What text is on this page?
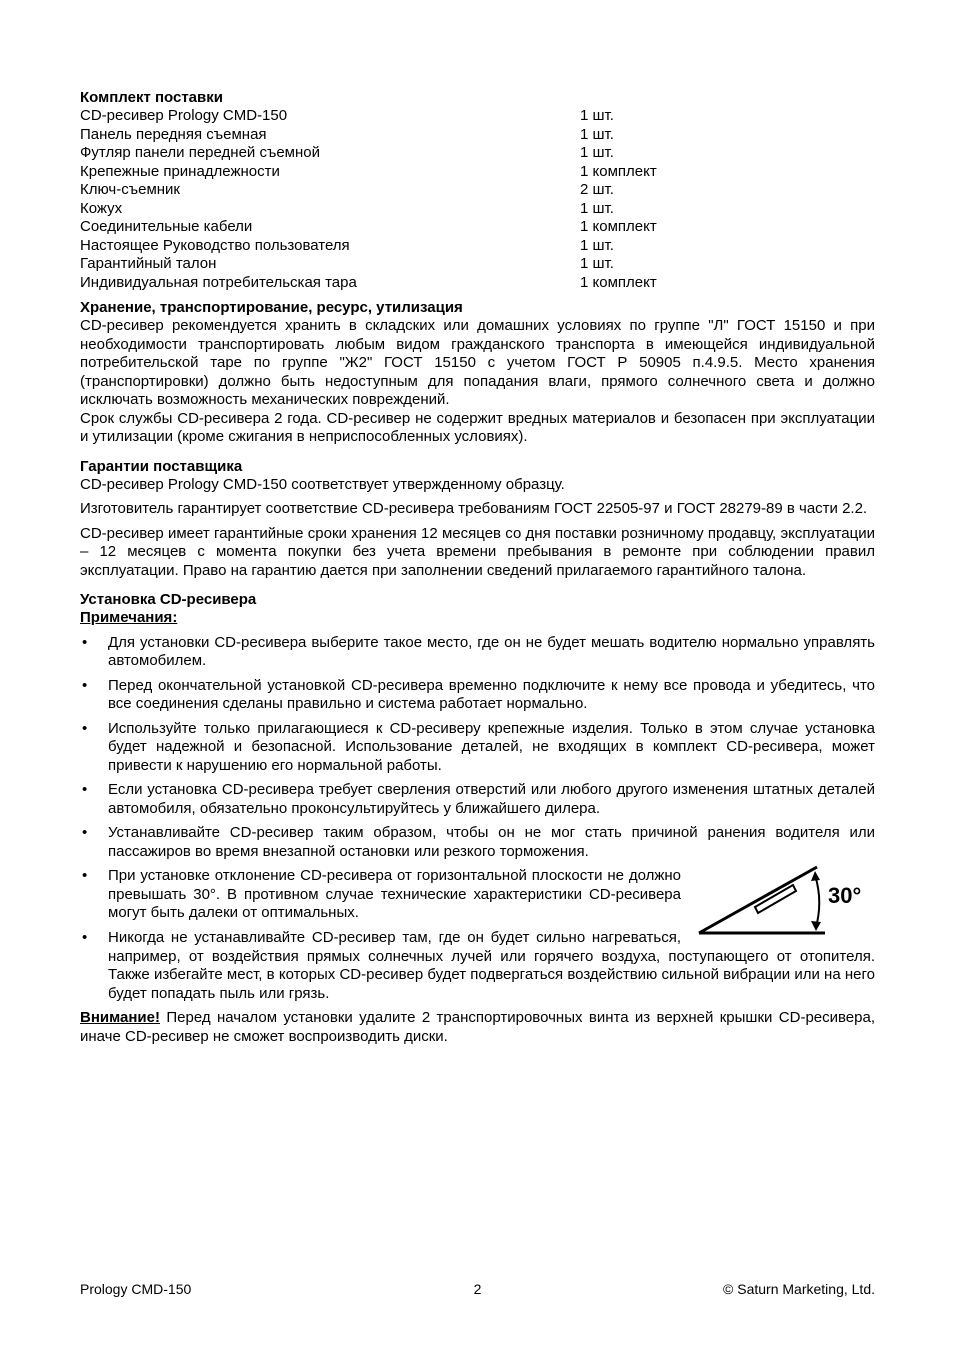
Комплект поставки
CD-ресивер Prology CMD-150	1 шт.
Панель передняя съемная	1 шт.
Футляр панели передней съемной	1 шт.
Крепежные принадлежности	1 комплект
Ключ-съемник	2 шт.
Кожух	1 шт.
Соединительные кабели	1 комплект
Настоящее Руководство пользователя	1 шт.
Гарантийный талон	1 шт.
Индивидуальная потребительская тара	1 комплект
Хранение, транспортирование, ресурс, утилизация

CD-ресивер рекомендуется хранить в складских или домашних условиях по группе "Л" ГОСТ 15150 и при необходимости транспортировать любым видом гражданского транспорта в имеющейся индивидуальной потребительской таре по группе "Ж2" ГОСТ 15150 с учетом ГОСТ Р 50905 п.4.9.5. Место хранения (транспортировки) должно быть недоступным для попадания влаги, прямого солнечного света и должно исключать возможность механических повреждений.

Срок службы CD-ресивера 2 года. CD-ресивер не содержит вредных материалов и безопасен при эксплуатации и утилизации (кроме сжигания в неприспособленных условиях).

Гарантии поставщика

CD-ресивер Prology CMD-150 соответствует утвержденному образцу.

Изготовитель гарантирует соответствие CD-ресивера требованиям ГОСТ 22505-97 и ГОСТ 28279-89 в части 2.2.

CD-ресивер имеет гарантийные сроки хранения 12 месяцев со дня поставки розничному продавцу, эксплуатации – 12 месяцев с момента покупки без учета времени пребывания в ремонте при соблюдении правил эксплуатации. Право на гарантию дается при заполнении сведений прилагаемого гарантийного талона.

Установка CD-ресивера
Примечания:
• Для установки CD-ресивера выберите такое место, где он не будет мешать водителю нормально управлять автомобилем.
• Перед окончательной установкой CD-ресивера временно подключите к нему все провода и убедитесь, что все соединения сделаны правильно и система работает нормально.
• Используйте только прилагающиеся к CD-ресиверу крепежные изделия. Только в этом случае установка будет надежной и безопасной. Использование деталей, не входящих в комплект CD-ресивера, может привести к нарушению его нормальной работы.
• Если установка CD-ресивера требует сверления отверстий или любого другого изменения штатных деталей автомобиля, обязательно проконсультируйтесь у ближайшего дилера.
• Устанавливайте CD-ресивер таким образом, чтобы он не мог стать причиной ранения водителя или пассажиров во время внезапной остановки или резкого торможения.
30°
• При установке отклонение CD-ресивера от горизонтальной плоскости не должно превышать 30°. В противном случае технические характеристики CD-ресивера могут быть далеки от оптимальных.
• Никогда не устанавливайте CD-ресивер там, где он будет сильно нагреваться, например, от воздействия прямых солнечных лучей или горячего воздуха, поступающего от отопителя. Также избегайте мест, в которых CD-ресивер будет подвергаться воздействию сильной вибрации или на него будет попадать пыль или грязь.

Внимание! Перед началом установки удалите 2 транспортировочных винта из верхней крышки CD-ресивера, иначе CD-ресивер не сможет воспроизводить диски.

Prology CMD-150	2	© Saturn Marketing, Ltd.
